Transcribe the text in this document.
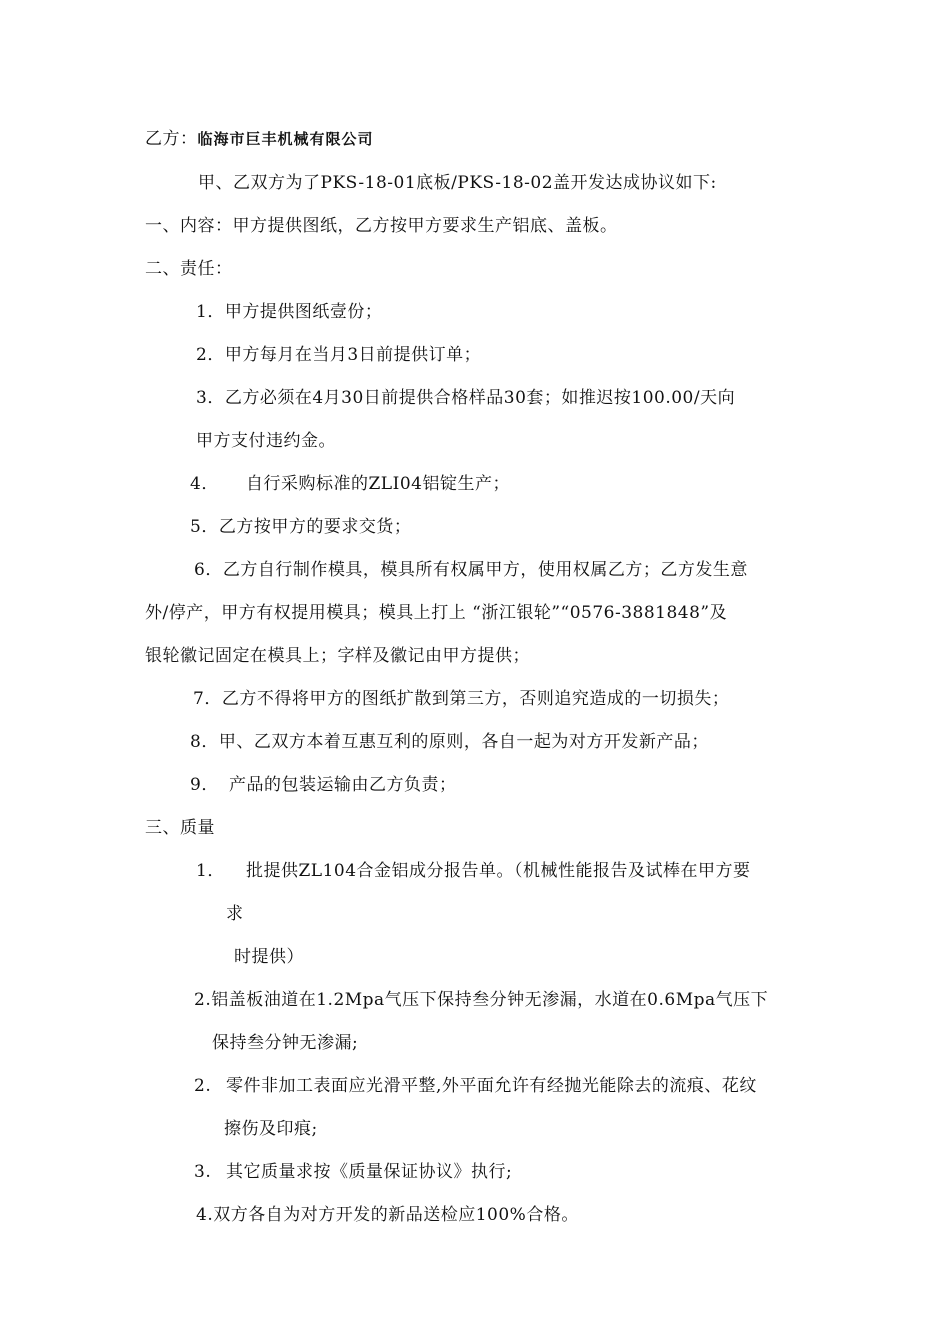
乙方：临海市巨丰机械有限公司
甲、乙双方为了PKS-18-01底板/PKS-18-02盖开发达成协议如下:
一、内容：甲方提供图纸，乙方按甲方要求生产铝底、盖板。
二、责任：
1．甲方提供图纸壹份；
2．甲方每月在当月3日前提供订单；
3．乙方必须在4月30日前提供合格样品30套；如推迟按100.00/天向
甲方支付违约金。
4． 自行采购标准的ZLI04铝锭生产；
5．乙方按甲方的要求交货；
6．乙方自行制作模具，模具所有权属甲方，使用权属乙方；乙方发生意
外/停产，甲方有权提用模具；模具上打上 “浙江银轮”“0576-3881848”及
银轮徽记固定在模具上；字样及徽记由甲方提供；
7．乙方不得将甲方的图纸扩散到第三方，否则追究造成的一切损失；
8．甲、乙双方本着互惠互利的原则，各自一起为对方开发新产品；
9． 产品的包装运输由乙方负责；
三、质量
1． 批提供ZL104合金铝成分报告单。（机械性能报告及试棒在甲方要
求
时提供）
2.铝盖板油道在1.2Mpa气压下保持叁分钟无渗漏，水道在0.6Mpa气压下
保持叁分钟无渗漏;
2. 零件非加工表面应光滑平整,外平面允许有经抛光能除去的流痕、花纹
擦伤及印痕;
3. 其它质量求按《质量保证协议》执行;
4.双方各自为对方开发的新品送检应100%合格。
